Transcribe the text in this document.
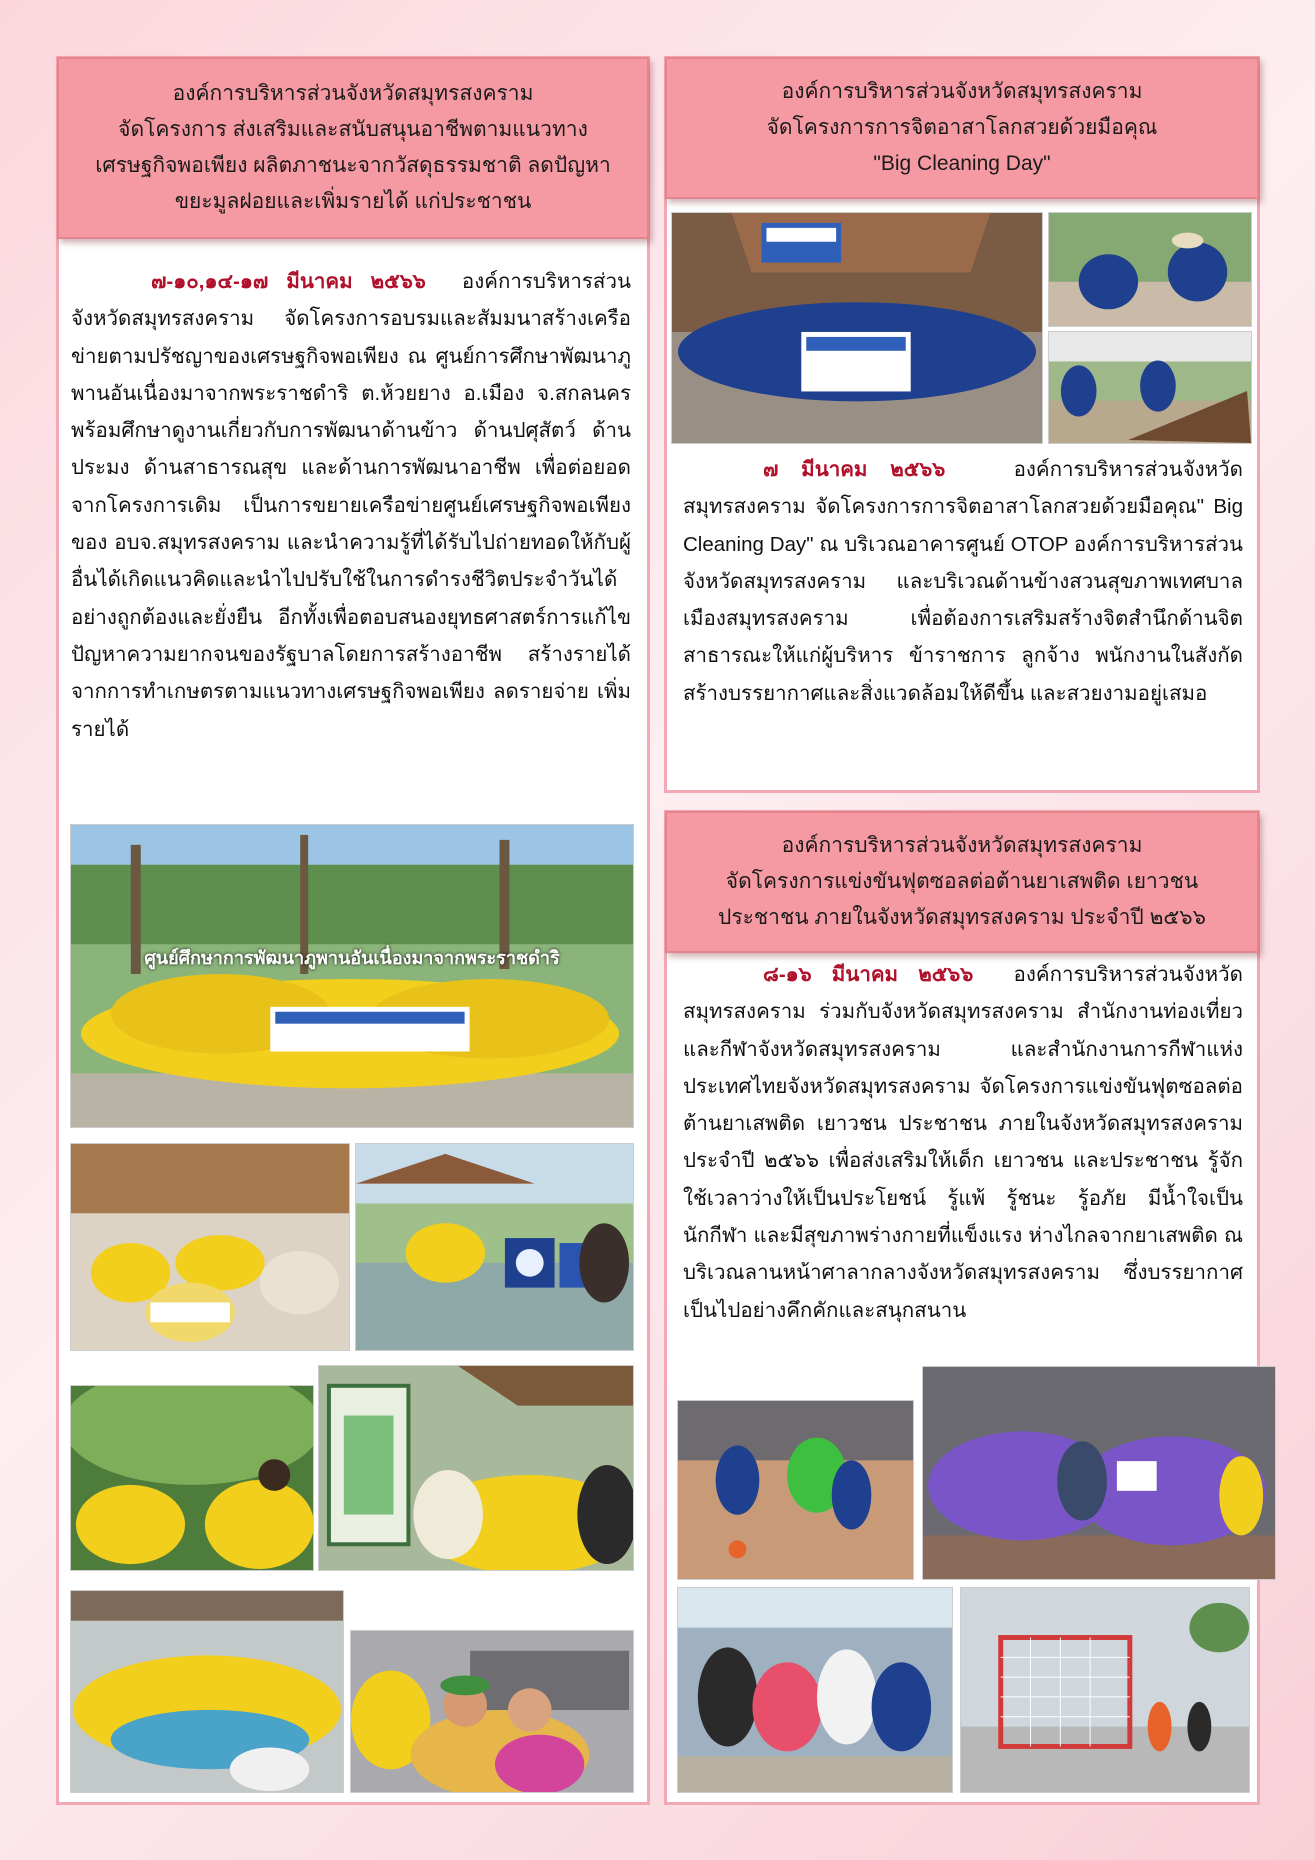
องค์การบริหารส่วนจังหวัดสมุทรสงคราม
จัดโครงการ ส่งเสริมและสนับสนุนอาชีพตามแนวทาง
เศรษฐกิจพอเพียง ผลิตภาชนะจากวัสดุธรรมชาติ ลดปัญหา
ขยะมูลฝอยและเพิ่มรายได้ แก่ประชาชน
๗-๑๐,๑๔-๑๗ มีนาคม ๒๕๖๖ องค์การบริหารส่วนจังหวัดสมุทรสงคราม จัดโครงการอบรมและสัมมนาสร้างเครือข่ายตามปรัชญาของเศรษฐกิจพอเพียง ณ ศูนย์การศึกษาพัฒนาภูพานอันเนื่องมาจากพระราชดำริ ต.ห้วยยาง อ.เมือง จ.สกลนคร พร้อมศึกษาดูงานเกี่ยวกับการพัฒนาด้านข้าว ด้านปศุสัตว์ ด้านประมง ด้านสาธารณสุข และด้านการพัฒนาอาชีพ เพื่อต่อยอดจากโครงการเดิม เป็นการขยายเครือข่ายศูนย์เศรษฐกิจพอเพียงของ อบจ.สมุทรสงคราม และนำความรู้ที่ได้รับไปถ่ายทอดให้กับผู้อื่นได้เกิดแนวคิดและนำไปปรับใช้ในการดำรงชีวิตประจำวันได้อย่างถูกต้องและยั่งยืน อีกทั้งเพื่อตอบสนองยุทธศาสตร์การแก้ไขปัญหาความยากจนของรัฐบาลโดยการสร้างอาชีพ สร้างรายได้ จากการทำเกษตรตามแนวทางเศรษฐกิจพอเพียง ลดรายจ่าย เพิ่มรายได้
ศูนย์ศึกษาการพัฒนาภูพานอันเนื่องมาจากพระราชดำริ
องค์การบริหารส่วนจังหวัดสมุทรสงคราม
จัดโครงการการจิตอาสาโลกสวยด้วยมือคุณ
"Big Cleaning Day"
๗ มีนาคม ๒๕๖๖	องค์การบริหารส่วนจังหวัดสมุทรสงคราม จัดโครงการการจิตอาสาโลกสวยด้วยมือคุณ" Big Cleaning Day" ณ บริเวณอาคารศูนย์ OTOP องค์การบริหารส่วนจังหวัดสมุทรสงคราม และบริเวณด้านข้างสวนสุขภาพเทศบาลเมืองสมุทรสงคราม เพื่อต้องการเสริมสร้างจิตสำนึกด้านจิตสาธารณะให้แก่ผู้บริหาร ข้าราชการ ลูกจ้าง พนักงานในสังกัด สร้างบรรยากาศและสิ่งแวดล้อมให้ดีขึ้น และสวยงามอยู่เสมอ
องค์การบริหารส่วนจังหวัดสมุทรสงคราม
จัดโครงการแข่งขันฟุตซอลต่อต้านยาเสพติด เยาวชน
ประชาชน ภายในจังหวัดสมุทรสงคราม ประจำปี ๒๕๖๖
๘-๑๖ มีนาคม ๒๕๖๖ องค์การบริหารส่วนจังหวัดสมุทรสงคราม ร่วมกับจังหวัดสมุทรสงคราม สำนักงานท่องเที่ยวและกีฬาจังหวัดสมุทรสงคราม และสำนักงานการกีฬาแห่งประเทศไทยจังหวัดสมุทรสงคราม จัดโครงการแข่งขันฟุตซอลต่อต้านยาเสพติด เยาวชน ประชาชน ภายในจังหวัดสมุทรสงคราม ประจำปี ๒๕๖๖ เพื่อส่งเสริมให้เด็ก เยาวชน และประชาชน รู้จักใช้เวลาว่างให้เป็นประโยชน์ รู้แพ้ รู้ชนะ รู้อภัย มีน้ำใจเป็นนักกีฬา และมีสุขภาพร่างกายที่แข็งแรง ห่างไกลจากยาเสพติด ณ บริเวณลานหน้าศาลากลางจังหวัดสมุทรสงคราม ซึ่งบรรยากาศเป็นไปอย่างคึกคักและสนุกสนาน
